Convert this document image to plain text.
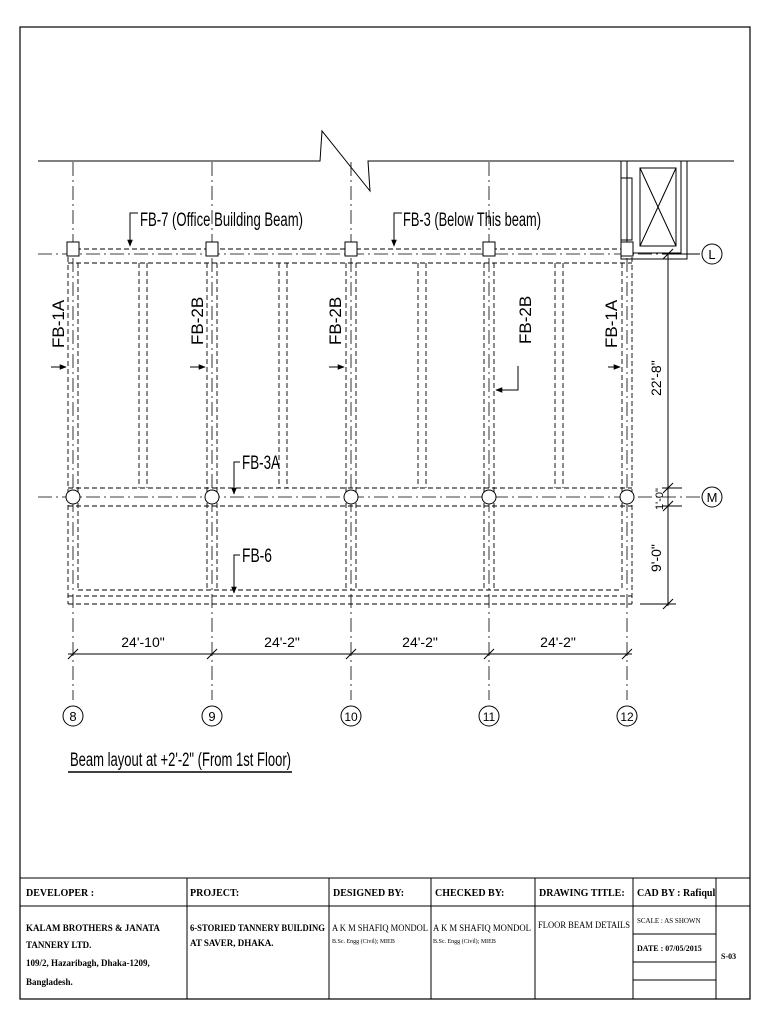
FB-7 (Office Building Beam)	FB-3 (Below This beam)
FB-1A	FB-2B	FB-2B	FB-2B	FB-1A
FB-3A
FB-6
L
M
22'-8"
1'-0"
9'-0"
24'-10"	24'-2"	24'-2"	24'-2"
8	9	10	11	12
Beam layout at +2'-2" (From 1st Floor)
DEVELOPER :
KALAM BROTHERS & JANATA
TANNERY LTD.
109/2, Hazaribagh, Dhaka-1209,
Bangladesh.
PROJECT:
6-STORIED TANNERY BUILDING
AT SAVER, DHAKA.
DESIGNED BY:
A K M SHAFIQ MONDOL
B.Sc. Engg (Civil); MIEB
CHECKED BY:
A K M SHAFIQ MONDOL
B.Sc. Engg (Civil); MIEB
DRAWING TITLE:
FLOOR BEAM DETAILS
CAD BY : Rafiqul
SCALE : AS SHOWN
DATE : 07/05/2015
S-03
